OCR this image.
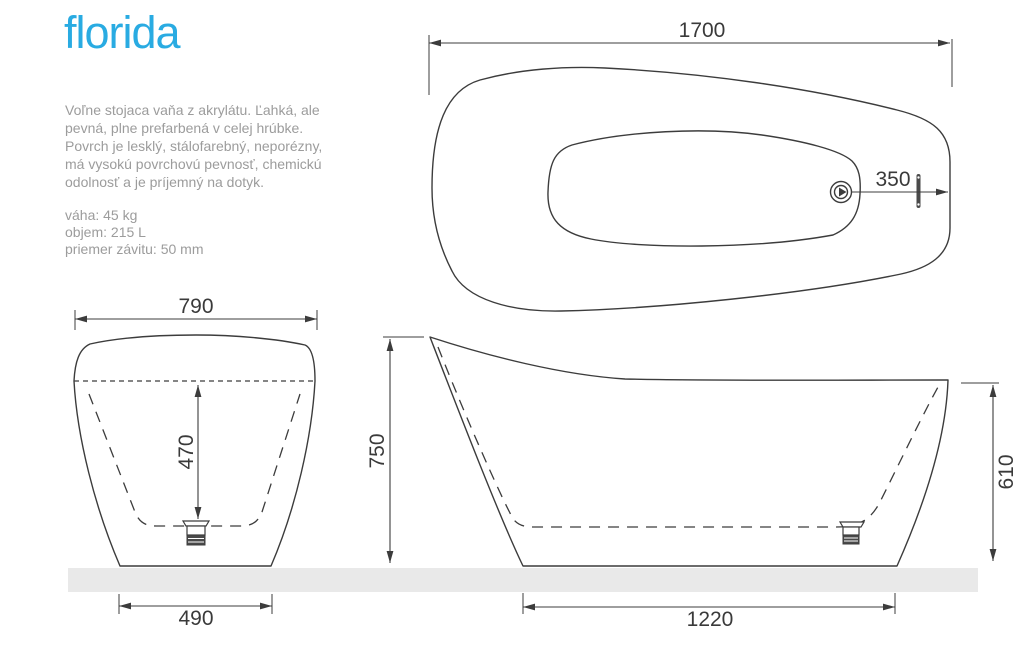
florida
Voľne stojaca vaňa z akrylátu. Ľahká, ale
pevná, plne prefarbená v celej hrúbke.
Povrch je lesklý, stálofarebný, neporézny,
má vysokú povrchovú pevnosť, chemickú
odolnosť a je príjemný na dotyk.
váha: 45 kg
objem: 215 L
priemer závitu: 50 mm
1700
350
470
790
490
750
610
1220
